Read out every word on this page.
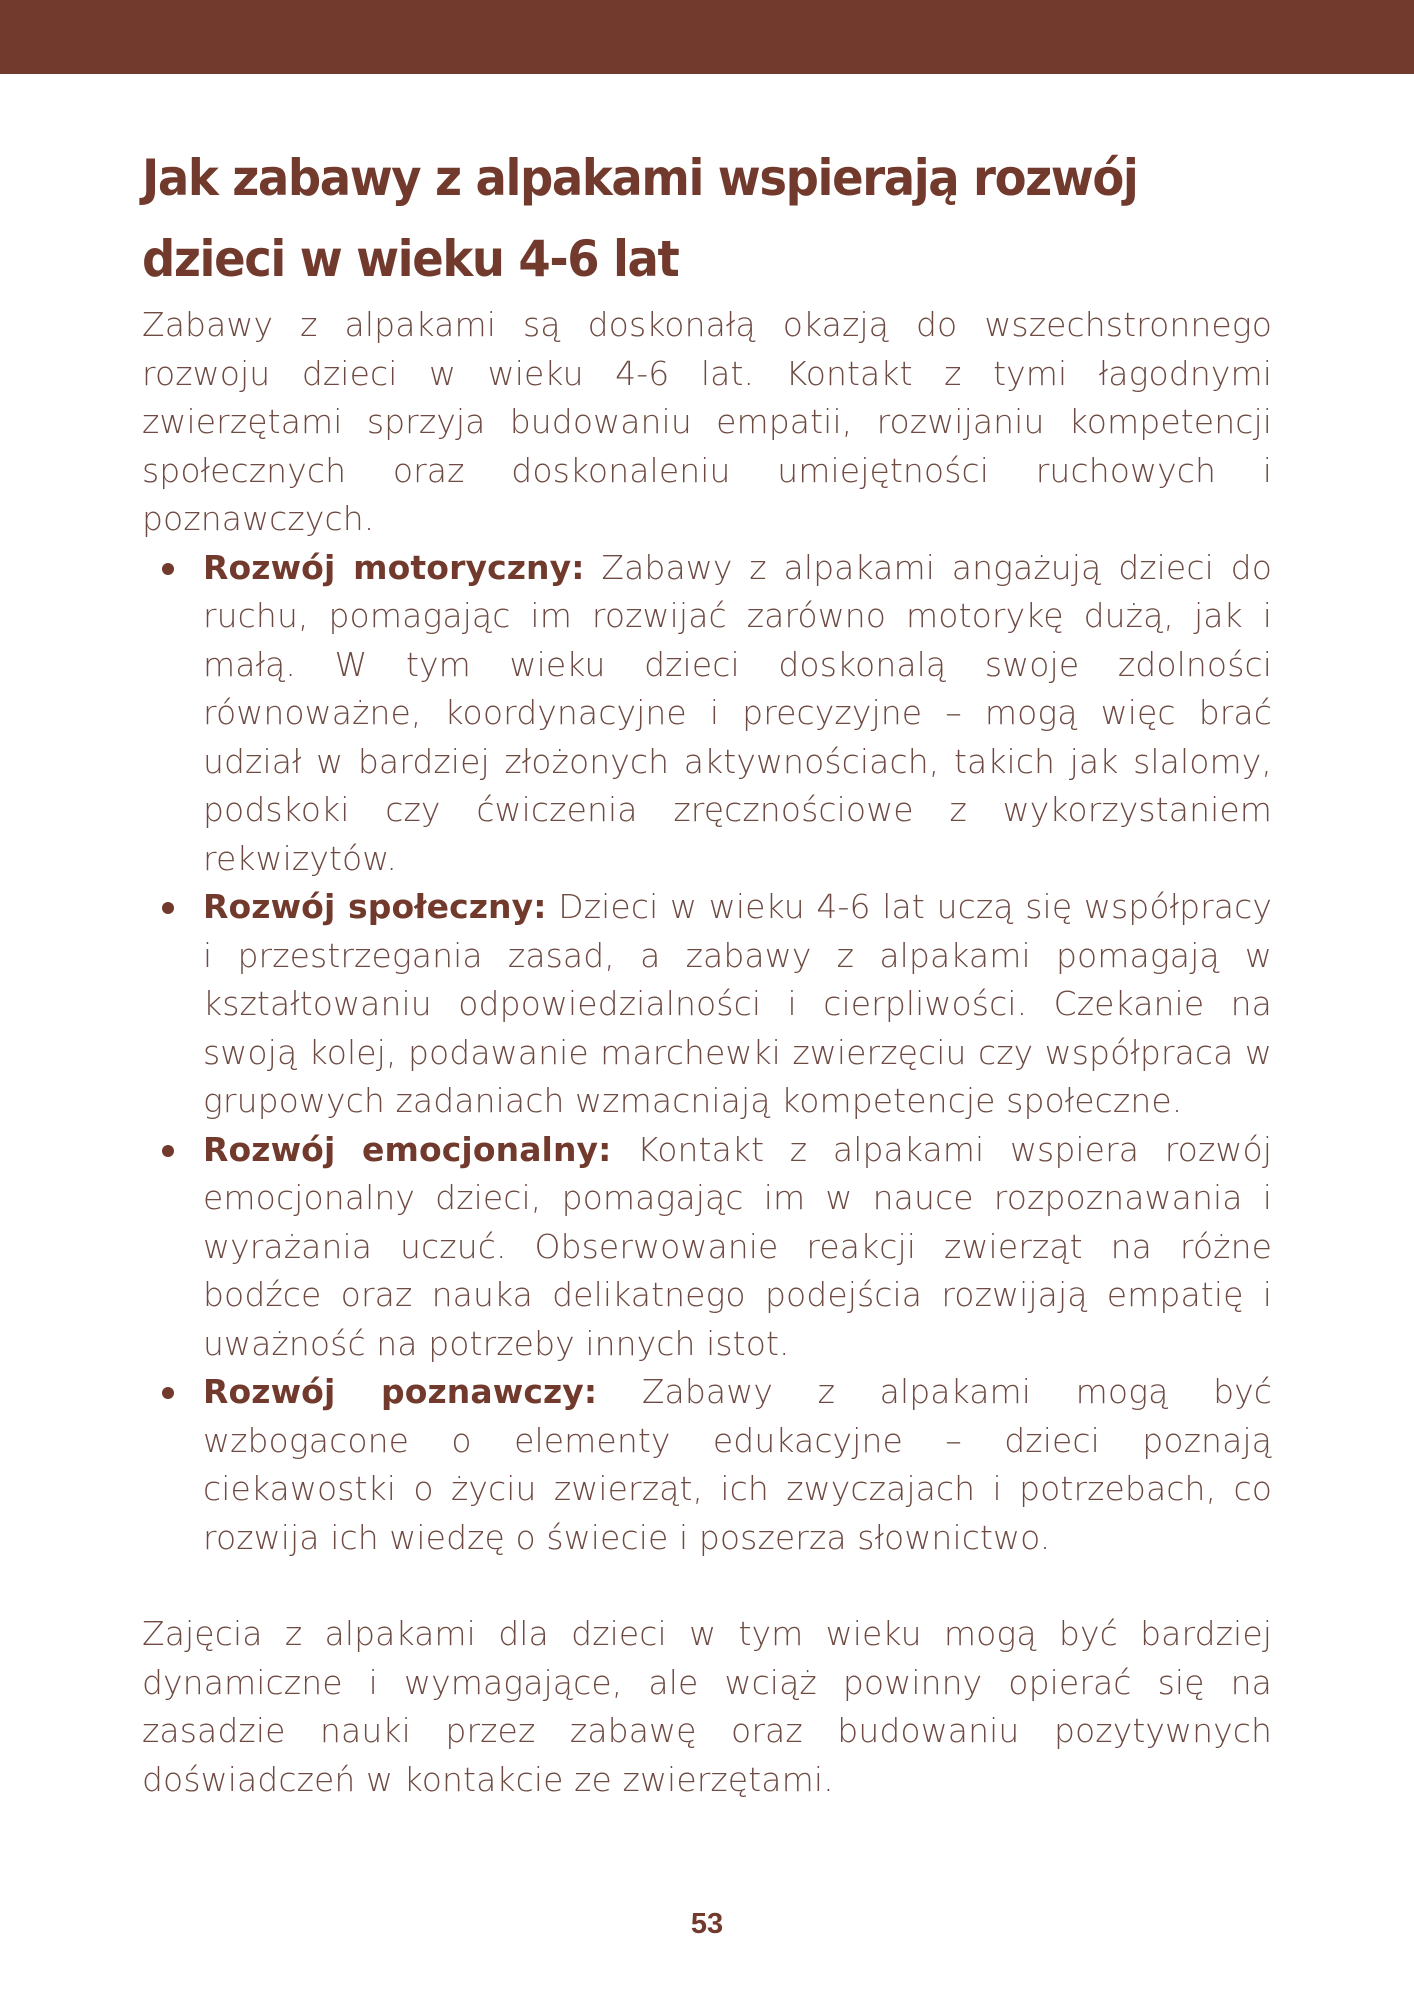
Jak zabawy z alpakami wspierają rozwój dzieci w wieku 4-6 lat

Zabawy z alpakami są doskonałą okazją do wszechstronnego rozwoju dzieci w wieku 4-6 lat. Kontakt z tymi łagodnymi zwierzętami sprzyja budowaniu empatii, rozwijaniu kompetencji społecznych oraz doskonaleniu umiejętności ruchowych i poznawczych.

Rozwój motoryczny: Zabawy z alpakami angażują dzieci do ruchu, pomagając im rozwijać zarówno motorykę dużą, jak i małą. W tym wieku dzieci doskonalą swoje zdolności równoważne, koordynacyjne i precyzyjne – mogą więc brać udział w bardziej złożonych aktywnościach, takich jak slalomy, podskoki czy ćwiczenia zręcznościowe z wykorzystaniem rekwizytów.
Rozwój społeczny: Dzieci w wieku 4-6 lat uczą się współpracy i przestrzegania zasad, a zabawy z alpakami pomagają w kształtowaniu odpowiedzialności i cierpliwości. Czekanie na swoją kolej, podawanie marchewki zwierzęciu czy współpraca w grupowych zadaniach wzmacniają kompetencje społeczne.
Rozwój emocjonalny: Kontakt z alpakami wspiera rozwój emocjonalny dzieci, pomagając im w nauce rozpoznawania i wyrażania uczuć. Obserwowanie reakcji zwierząt na różne bodźce oraz nauka delikatnego podejścia rozwijają empatię i uważność na potrzeby innych istot.
Rozwój poznawczy: Zabawy z alpakami mogą być wzbogacone o elementy edukacyjne – dzieci poznają ciekawostki o życiu zwierząt, ich zwyczajach i potrzebach, co rozwija ich wiedzę o świecie i poszerza słownictwo.

Zajęcia z alpakami dla dzieci w tym wieku mogą być bardziej dynamiczne i wymagające, ale wciąż powinny opierać się na zasadzie nauki przez zabawę oraz budowaniu pozytywnych doświadczeń w kontakcie ze zwierzętami.

53
